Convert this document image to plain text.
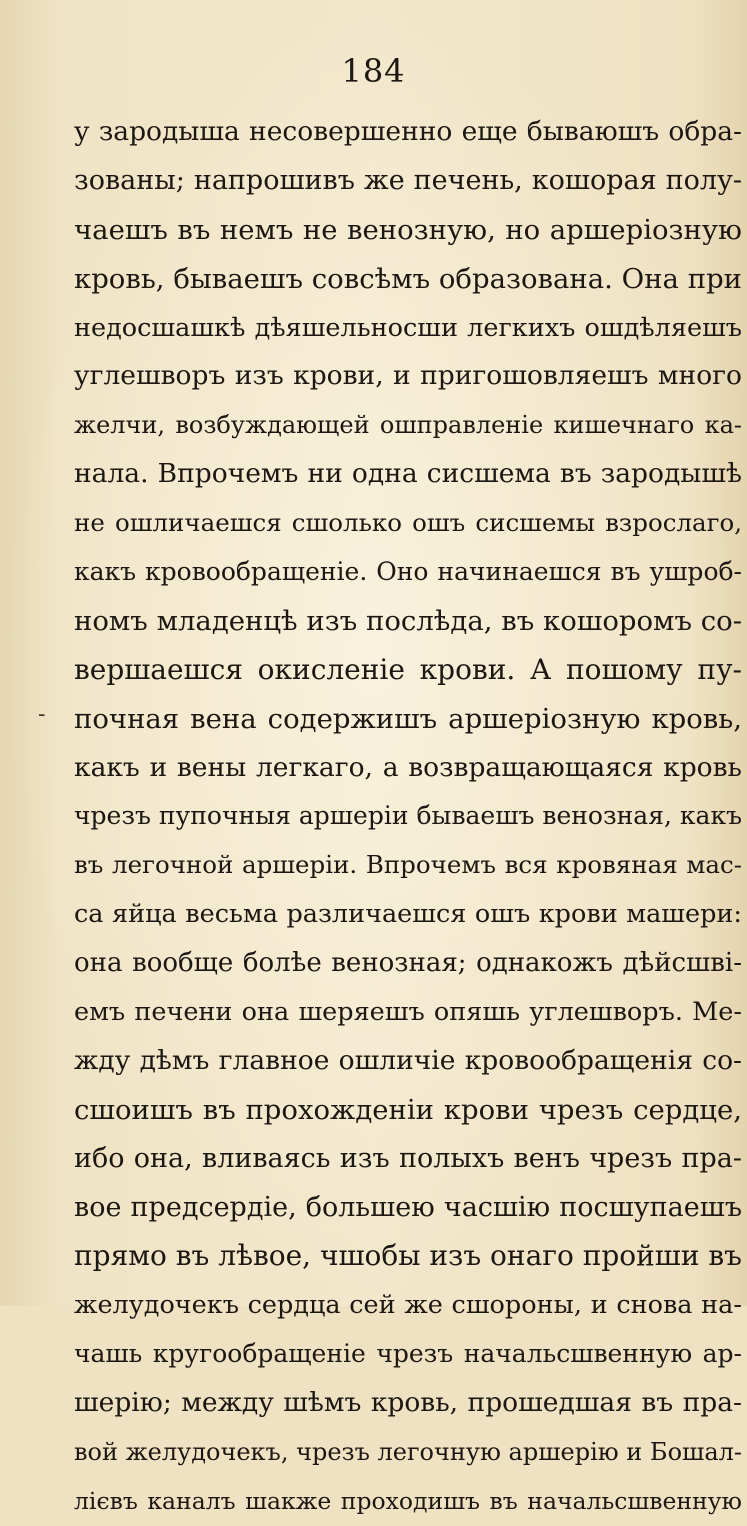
184
-
у зародыша несовершенно еще бываюшъ обра-
зованы; напрошивъ же печень, кошорая полу-
чаешъ въ немъ не венозную, но аршеріозную
кровь, бываешъ совсѣмъ образована. Она при
недосшашкѣ дѣяшельносши легкихъ ошдѣляешъ
углешворъ изъ крови, и пригошовляешъ много
желчи, возбуждающей ошправленіе кишечнаго ка-
нала. Впрочемъ ни одна сисшема въ зародышѣ
не ошличаешся сшолько ошъ сисшемы взрослаго,
какъ кровообращеніе. Оно начинаешся въ ушроб-
номъ младенцѣ изъ послѣда, въ кошоромъ со-
вершаешся окисленіе крови. А пошому пу-
почная вена содержишъ аршеріозную кровь,
какъ и вены легкаго, а возвращающаяся кровь
чрезъ пупочныя аршеріи бываешъ венозная, какъ
въ легочной аршеріи. Впрочемъ вся кровяная мас-
са яйца весьма различаешся ошъ крови машери:
она вообще болѣе венозная; однакожъ дѣйсшві-
емъ печени она шеряешъ опяшь углешворъ. Ме-
жду дѣмъ главное ошличіе кровообращенія со-
сшоишъ въ прохожденіи крови чрезъ сердце,
ибо она, вливаясь изъ полыхъ венъ чрезъ пра-
вое предсердіе, большею часшію посшупаешъ
прямо въ лѣвое, чшобы изъ онаго пройши въ
желудочекъ сердца сей же сшороны, и снова на-
чашь кругообращеніе чрезъ начальсшвенную ар-
шерію; между шѣмъ кровь, прошедшая въ пра-
вой желудочекъ, чрезъ легочную аршерію и Бошал-
лієвъ каналъ шакже проходишъ въ начальсшвенную
